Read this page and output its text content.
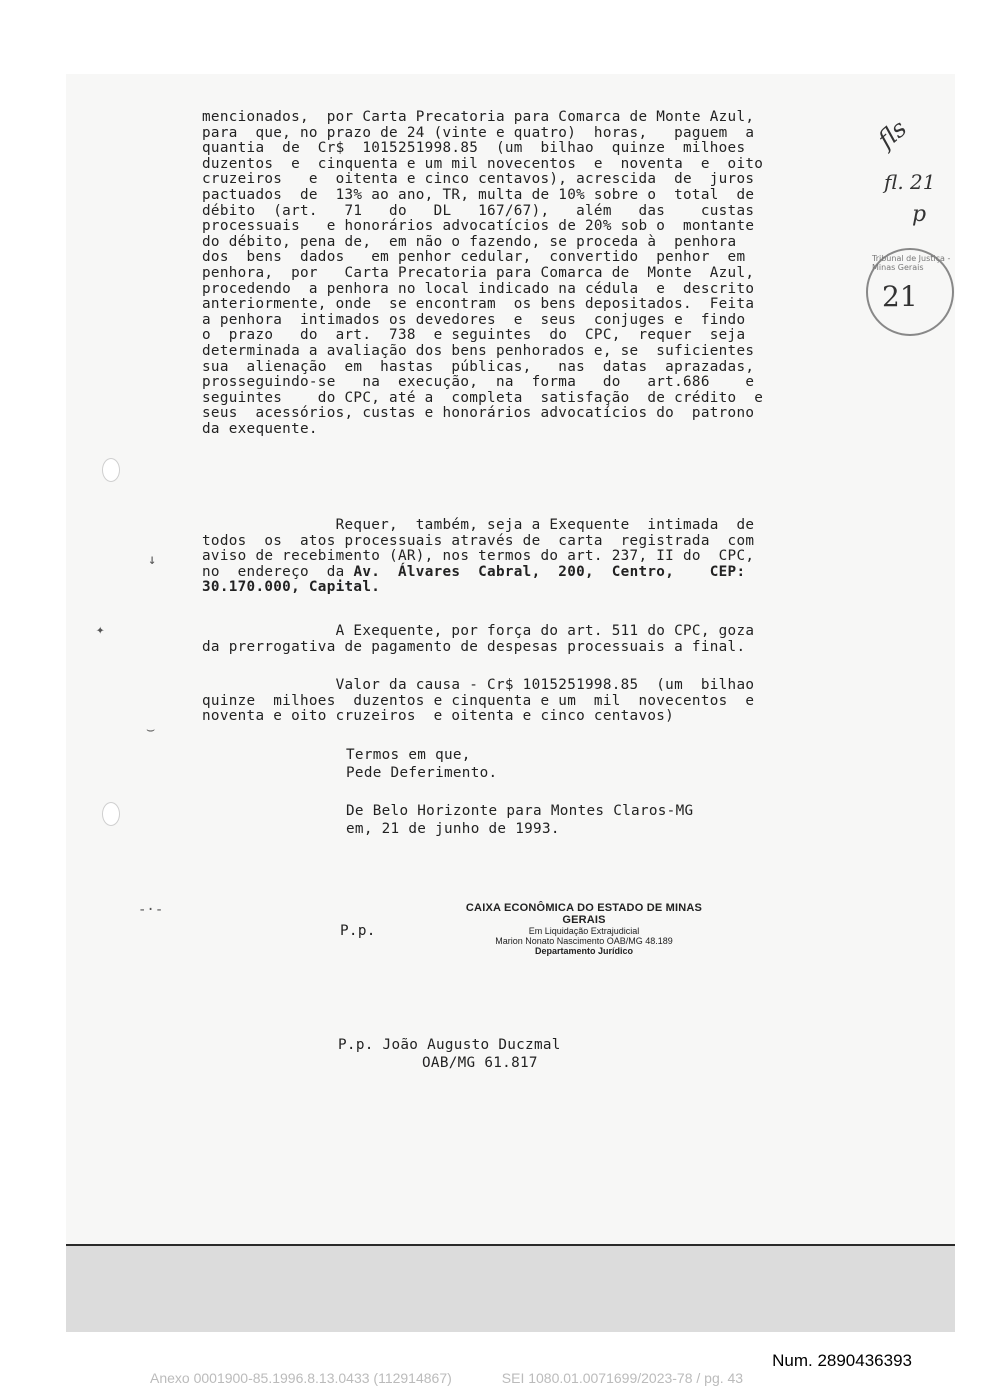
↓
✦
⌣
-·-
mencionados,  por Carta Precatoria para Comarca de Monte Azul,
para  que, no prazo de 24 (vinte e quatro)  horas,   paguem  a
quantia  de  Cr$  1015251998.85  (um  bilhao  quinze  milhoes
duzentos  e  cinquenta e um mil novecentos  e  noventa  e  oito
cruzeiros   e  oitenta e cinco centavos), acrescida  de  juros
pactuados  de  13% ao ano, TR, multa de 10% sobre o  total  de
débito  (art.   71   do   DL   167/67),   além   das    custas
processuais   e honorários advocatícios de 20% sob o  montante
do débito, pena de,  em não o fazendo, se proceda à  penhora
dos  bens  dados   em penhor cedular,  convertido  penhor  em
penhora,  por   Carta Precatoria para Comarca de  Monte  Azul,
procedendo  a penhora no local indicado na cédula  e  descrito
anteriormente, onde  se encontram  os bens depositados.  Feita
a penhora  intimados os devedores  e  seus  conjuges e  findo
o  prazo   do  art.  738  e seguintes  do  CPC,  requer  seja
determinada a avaliação dos bens penhorados e, se  suficientes
sua  alienação  em  hastas  públicas,   nas  datas  aprazadas,
prosseguindo-se   na  execução,  na  forma   do   art.686    e
seguintes    do CPC, até a  completa  satisfação  de crédito  e
seus  acessórios, custas e honorários advocatícios do  patrono
da exequente.
Requer,  também, seja a Exequente  intimada  de
todos  os  atos processuais através de  carta  registrada  com
aviso de recebimento (AR), nos termos do art. 237, II do  CPC,
no  endereço  da Av.  Álvares  Cabral,  200,  Centro,    CEP:
30.170.000, Capital.
A Exequente, por força do art. 511 do CPC, goza
da prerrogativa de pagamento de despesas processuais a final.
Valor da causa - Cr$ 1015251998.85  (um  bilhao
quinze  milhoes  duzentos e cinquenta e um  mil  novecentos  e
noventa e oito cruzeiros  e oitenta e cinco centavos)
Termos em que,
Pede Deferimento.
De Belo Horizonte para Montes Claros-MG
em, 21 de junho de 1993.
P.p.
CAIXA ECONÔMICA DO ESTADO DE MINAS GERAIS
Em Liquidação Extrajudicial
Marion Nonato Nascimento OAB/MG 48.189
Departamento Jurídico
P.p. João Augusto Duczmal
OAB/MG 61.817
Tribunal de Justiça - Minas Gerais
21
fls
fl. 21
p
Num. 2890436393
Anexo 0001900-85.1996.8.13.0433 (112914867)	SEI 1080.01.0071699/2023-78 / pg. 43
